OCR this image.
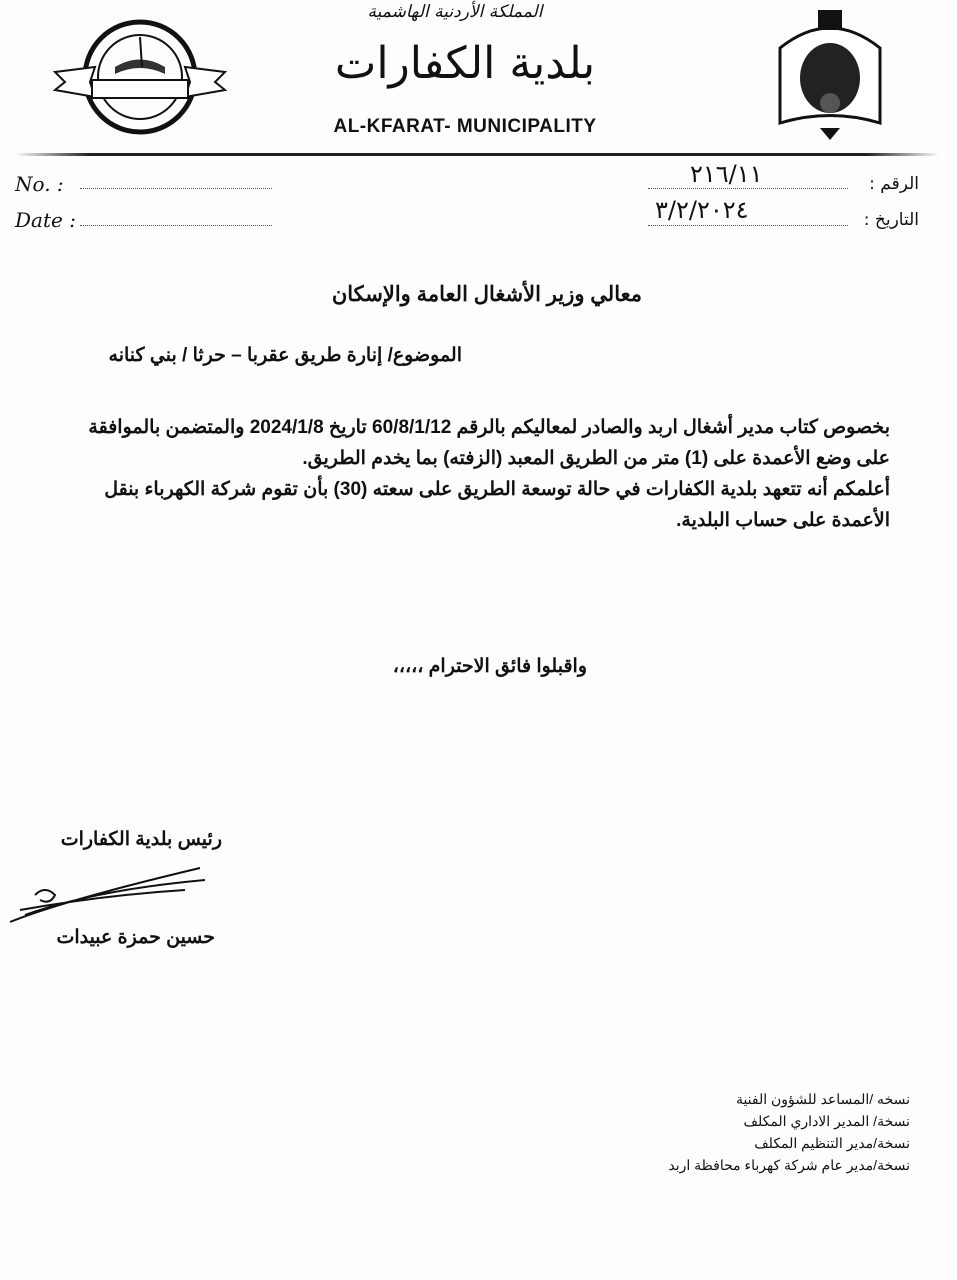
المملكة الأردنية الهاشمية
بلدية الكفارات
AL-KFARAT- MUNICIPALITY
No. :
Date :
الرقم :
٢١٦/١١
التاريخ :
٣/٢/٢٠٢٤
معالي وزير الأشغال العامة والإسكان
الموضوع/ إنارة طريق عقربا – حرثا / بني كنانه

بخصوص كتاب مدير أشغال اربد والصادر لمعاليكم بالرقم 60/8/1/12 تاريخ 2024/1/8 والمتضمن بالموافقة على وضع الأعمدة على (1) متر من الطريق المعبد (الزفته) بما يخدم الطريق.

أعلمكم أنه تتعهد بلدية الكفارات في حالة توسعة الطريق على سعته (30) بأن تقوم شركة الكهرباء بنقل الأعمدة على حساب البلدية.

واقبلوا فائق الاحترام ،،،،،
رئيس بلدية الكفارات
حسين حمزة عبيدات
نسخه /المساعد للشؤون الفنية
نسخة/ المدير الاداري المكلف
نسخة/مدير التنظيم المكلف
نسخة/مدير عام شركة كهرباء محافظة اربد
